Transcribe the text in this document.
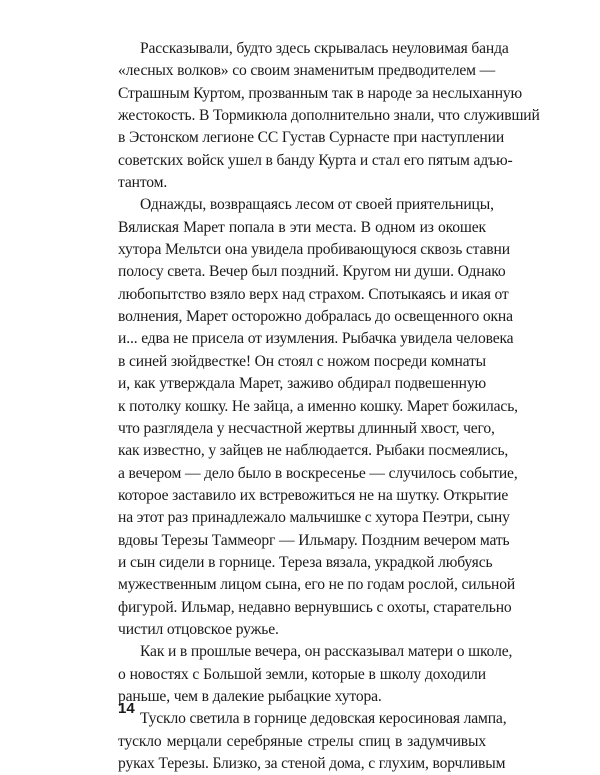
Рассказывали, будто здесь скрывалась неуловимая банда
«лесных волков» со своим знаменитым предводителем —
Страшным Куртом, прозванным так в народе за неслыханную
жестокость. В Тормикюла дополнительно знали, что служивший
в Эстонском легионе СС Густав Сурнасте при наступлении
советских войск ушел в банду Курта и стал его пятым адъю-
тантом.
Однажды, возвращаясь лесом от своей приятельницы,
Вялиская Марет попала в эти места. В одном из окошек
хутора Мельтси она увидела пробивающуюся сквозь ставни
полосу света. Вечер был поздний. Кругом ни души. Однако
любопытство взяло верх над страхом. Спотыкаясь и икая от
волнения, Марет осторожно добралась до освещенного окна
и... едва не присела от изумления. Рыбачка увидела человека
в синей зюйдвестке! Он стоял с ножом посреди комнаты
и, как утверждала Марет, заживо обдирал подвешенную
к потолку кошку. Не зайца, а именно кошку. Марет божилась,
что разглядела у несчастной жертвы длинный хвост, чего,
как известно, у зайцев не наблюдается. Рыбаки посмеялись,
а вечером — дело было в воскресенье — случилось событие,
которое заставило их встревожиться не на шутку. Открытие
на этот раз принадлежало мальчишке с хутора Пеэтри, сыну
вдовы Терезы Таммеорг — Ильмару. Поздним вечером мать
и сын сидели в горнице. Тереза вязала, украдкой любуясь
мужественным лицом сына, его не по годам рослой, сильной
фигурой. Ильмар, недавно вернувшись с охоты, старательно
чистил отцовское ружье.
Как и в прошлые вечера, он рассказывал матери о школе,
о новостях с Большой земли, которые в школу доходили
раньше, чем в далекие рыбацкие хутора.
Тускло светила в горнице дедовская керосиновая лампа,
тускло мерцали серебряные стрелы спиц в задумчивых
руках Терезы. Близко, за стеной дома, с глухим, ворчливым
14
